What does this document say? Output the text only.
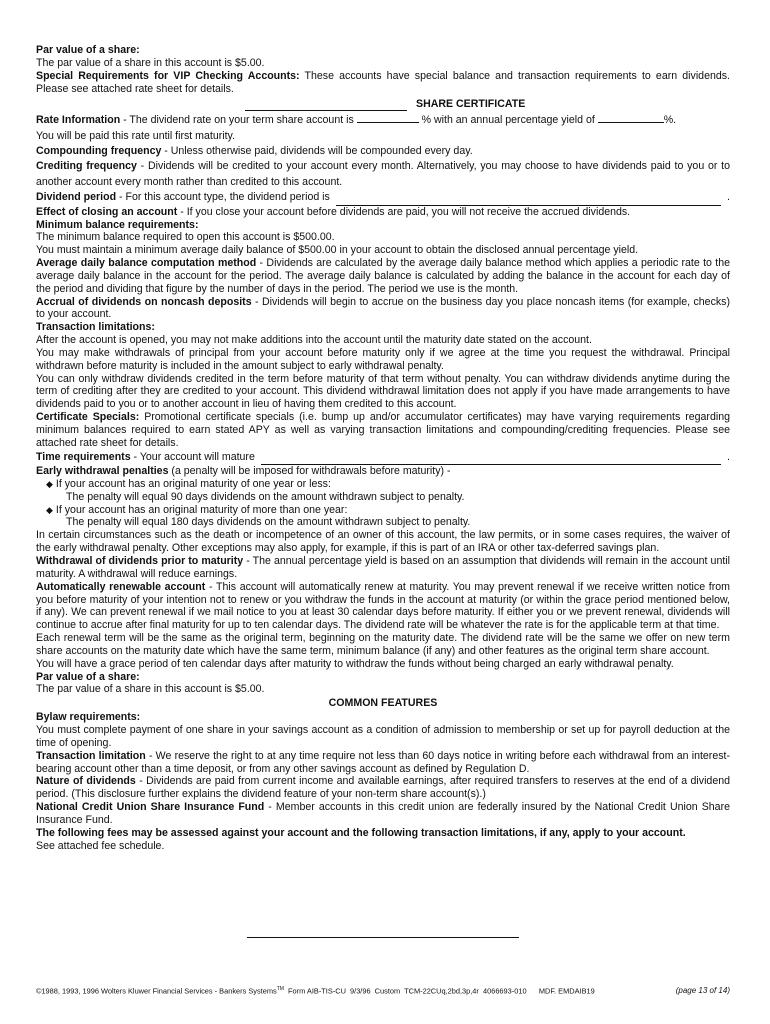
Par value of a share:

The par value of a share in this account is $5.00.

Special Requirements for VIP Checking Accounts: These accounts have special balance and transaction requirements to earn dividends. Please see attached rate sheet for details.

SHARE CERTIFICATE

Rate Information - The dividend rate on your term share account is	% with an annual percentage yield of	%.

You will be paid this rate until first maturity.

Compounding frequency - Unless otherwise paid, dividends will be compounded every day.

Crediting frequency - Dividends will be credited to your account every month. Alternatively, you may choose to have dividends paid to you or to another account every month rather than credited to this account.

Dividend period - For this account type, the dividend period is	.

Effect of closing an account - If you close your account before dividends are paid, you will not receive the accrued dividends.

Minimum balance requirements:

The minimum balance required to open this account is $500.00.

You must maintain a minimum average daily balance of $500.00 in your account to obtain the disclosed annual percentage yield.

Average daily balance computation method - Dividends are calculated by the average daily balance method which applies a periodic rate to the average daily balance in the account for the period. The average daily balance is calculated by adding the balance in the account for each day of the period and dividing that figure by the number of days in the period. The period we use is the month.

Accrual of dividends on noncash deposits - Dividends will begin to accrue on the business day you place noncash items (for example, checks) to your account.

Transaction limitations:

After the account is opened, you may not make additions into the account until the maturity date stated on the account.

You may make withdrawals of principal from your account before maturity only if we agree at the time you request the withdrawal. Principal withdrawn before maturity is included in the amount subject to early withdrawal penalty.

You can only withdraw dividends credited in the term before maturity of that term without penalty. You can withdraw dividends anytime during the term of crediting after they are credited to your account. This dividend withdrawal limitation does not apply if you have made arrangements to have dividends paid to you or to another account in lieu of having them credited to this account.

Certificate Specials: Promotional certificate specials (i.e. bump up and/or accumulator certificates) may have varying requirements regarding minimum balances required to earn stated APY as well as varying transaction limitations and compounding/crediting frequencies. Please see attached rate sheet for details.

Time requirements - Your account will mature	.

Early withdrawal penalties (a penalty will be imposed for withdrawals before maturity) -

◆ If your account has an original maturity of one year or less:

The penalty will equal 90 days dividends on the amount withdrawn subject to penalty.

◆ If your account has an original maturity of more than one year:

The penalty will equal 180 days dividends on the amount withdrawn subject to penalty.

In certain circumstances such as the death or incompetence of an owner of this account, the law permits, or in some cases requires, the waiver of the early withdrawal penalty. Other exceptions may also apply, for example, if this is part of an IRA or other tax-deferred savings plan.

Withdrawal of dividends prior to maturity - The annual percentage yield is based on an assumption that dividends will remain in the account until maturity. A withdrawal will reduce earnings.

Automatically renewable account - This account will automatically renew at maturity. You may prevent renewal if we receive written notice from you before maturity of your intention not to renew or you withdraw the funds in the account at maturity (or within the grace period mentioned below, if any). We can prevent renewal if we mail notice to you at least 30 calendar days before maturity. If either you or we prevent renewal, dividends will continue to accrue after final maturity for up to ten calendar days. The dividend rate will be whatever the rate is for the applicable term at that time.

Each renewal term will be the same as the original term, beginning on the maturity date. The dividend rate will be the same we offer on new term share accounts on the maturity date which have the same term, minimum balance (if any) and other features as the original term share account.

You will have a grace period of ten calendar days after maturity to withdraw the funds without being charged an early withdrawal penalty.

Par value of a share:

The par value of a share in this account is $5.00.

COMMON FEATURES

Bylaw requirements:

You must complete payment of one share in your savings account as a condition of admission to membership or set up for payroll deduction at the time of opening.

Transaction limitation - We reserve the right to at any time require not less than 60 days notice in writing before each withdrawal from an interest-bearing account other than a time deposit, or from any other savings account as defined by Regulation D.

Nature of dividends - Dividends are paid from current income and available earnings, after required transfers to reserves at the end of a dividend period. (This disclosure further explains the dividend feature of your non-term share account(s).)

National Credit Union Share Insurance Fund - Member accounts in this credit union are federally insured by the National Credit Union Share Insurance Fund.

The following fees may be assessed against your account and the following transaction limitations, if any, apply to your account.

See attached fee schedule.

©1988, 1993, 1996 Wolters Kluwer Financial Services - Bankers Systems™  Form AIB-TIS-CU  9/3/96  Custom  TCM-22CUq,2bd,3p,4r  4066693-010      MDF. EMDAIB19	(page 13 of 14)
